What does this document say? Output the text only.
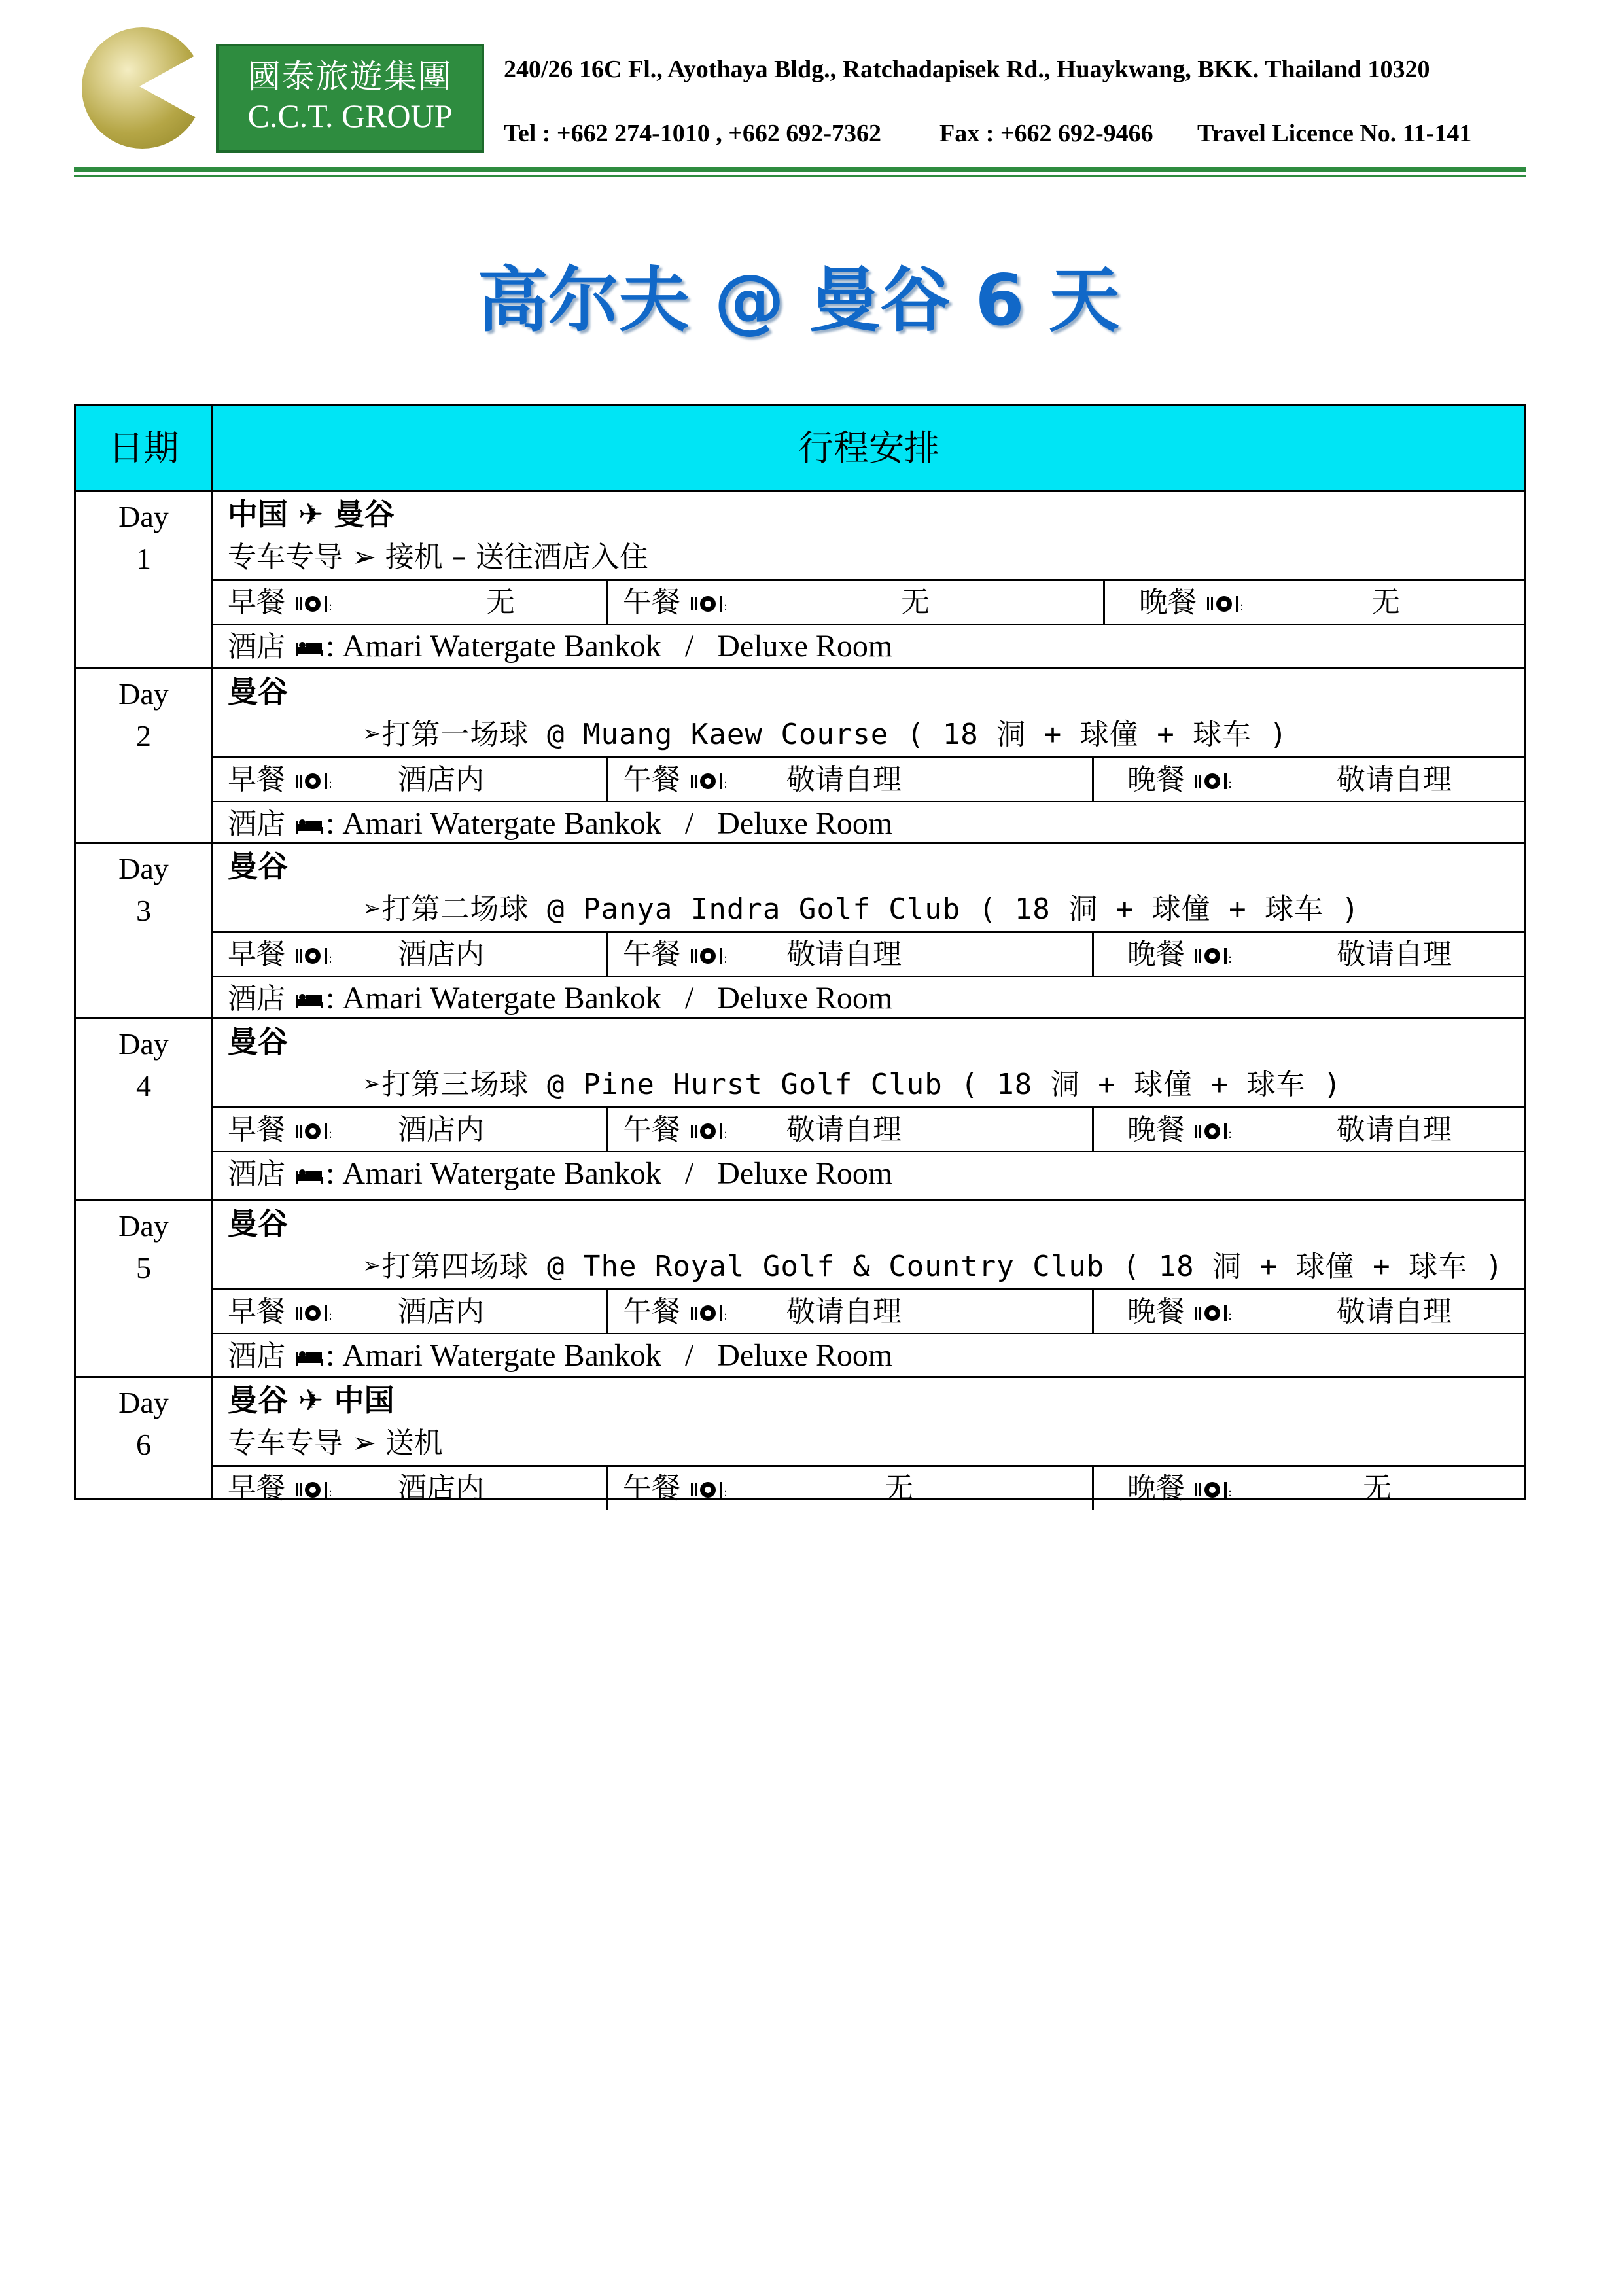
國泰旅遊集團
C.C.T. GROUP
240/26 16C Fl., Ayothaya Bldg., Ratchadapisek Rd., Huaykwang, BKK. Thailand 10320
Tel : +662 274-1010 , +662 692-7362 Fax : +662 692-9466 Travel Licence No. 11-141
高尔夫 @ 曼谷 6 天
日期	行程安排
Day
1
中国 ✈ 曼谷
专车专导 ➢ 接机 – 送往酒店入住
早餐	:	无	午餐	:	无	晚餐	:	无
酒店 : Amari Watergate Bankok   /   Deluxe Room
Day
2
曼谷
➢打第一场球 @ Muang Kaew Course ( 18 洞 + 球僮 + 球车 )
早餐	: 酒店内	午餐	: 敬请自理	晚餐	:	敬请自理
酒店 : Amari Watergate Bankok   /   Deluxe Room
Day
3
曼谷
➢打第二场球 @ Panya Indra Golf Club ( 18 洞 + 球僮 + 球车 )
早餐	: 酒店内	午餐	: 敬请自理	晚餐	:	敬请自理
酒店 : Amari Watergate Bankok   /   Deluxe Room
Day
4
曼谷
➢打第三场球 @ Pine Hurst Golf Club ( 18 洞 + 球僮 + 球车 )
早餐	: 酒店内	午餐	: 敬请自理	晚餐	:	敬请自理
酒店 : Amari Watergate Bankok   /   Deluxe Room
Day
5
曼谷
➢打第四场球 @ The Royal Golf & Country Club ( 18 洞 + 球僮 + 球车 )
早餐	: 酒店内	午餐	: 敬请自理	晚餐	:	敬请自理
酒店 : Amari Watergate Bankok   /   Deluxe Room
Day
6
曼谷 ✈ 中国
专车专导 ➢ 送机
早餐	: 酒店内	午餐	:	无	晚餐	:	无
